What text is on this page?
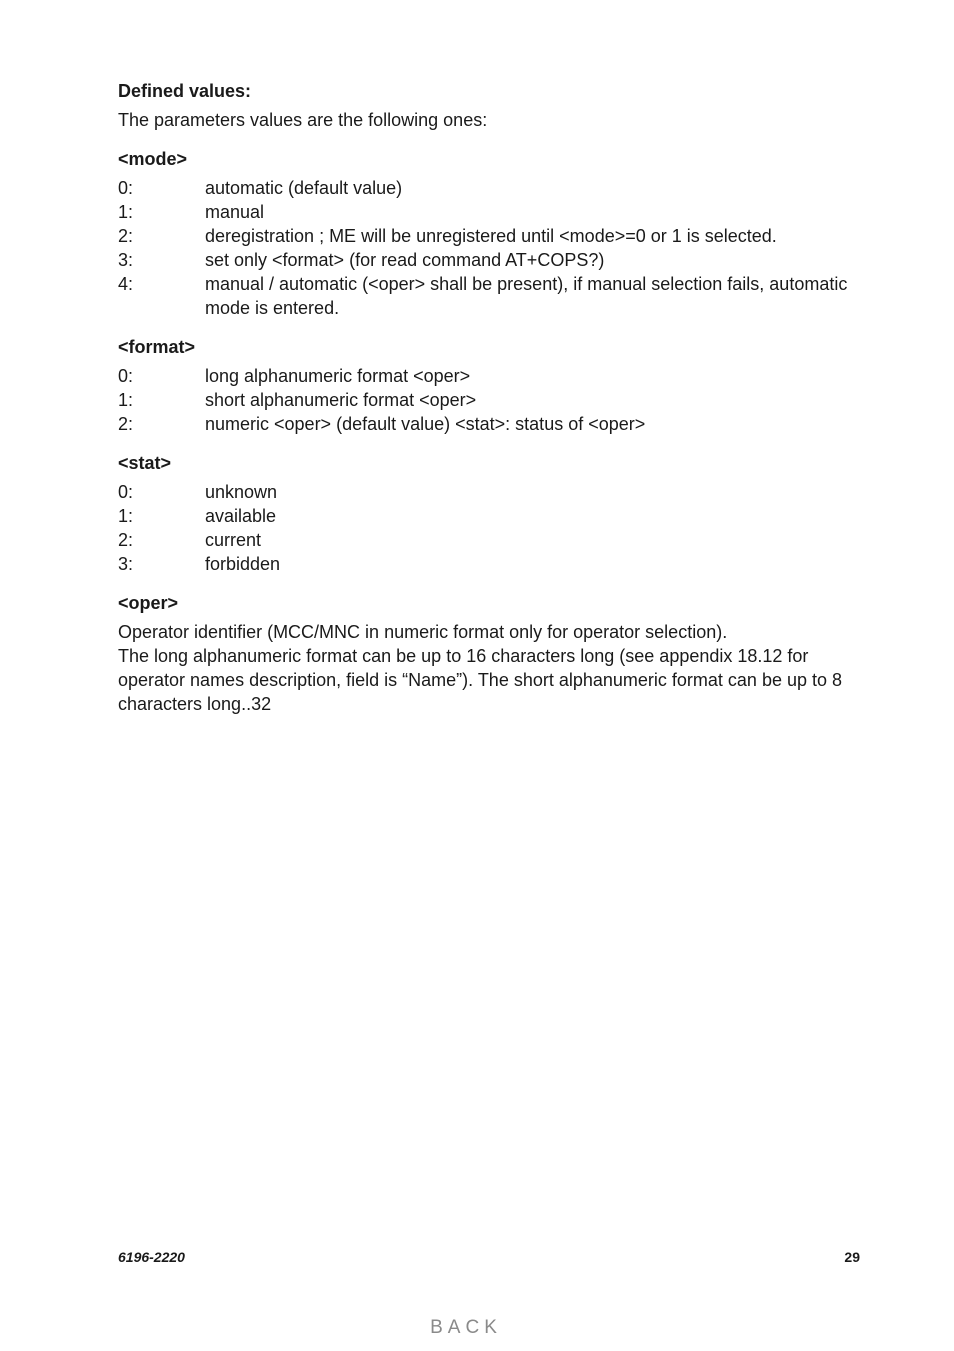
Defined values:

The parameters values are the following ones:

<mode>

0:	automatic (default value)
1:	manual
2:	deregistration ; ME will be unregistered until <mode>=0 or 1 is selected.
3:	set only <format> (for read command AT+COPS?)
4:	manual / automatic (<oper> shall be present), if manual selection fails, automatic mode is entered.

<format>

0:	long alphanumeric format <oper>
1:	short alphanumeric format <oper>
2:	numeric <oper> (default value) <stat>: status of <oper>

<stat>

0:	unknown
1:	available
2:	current
3:	forbidden

<oper>

Operator identifier (MCC/MNC in numeric format only for operator selection).

The long alphanumeric format can be up to 16 characters long (see appendix 18.12 for operator names description, field is “Name”). The short alphanumeric format can be up to 8 characters long..32

6196-2220	29
BACK
